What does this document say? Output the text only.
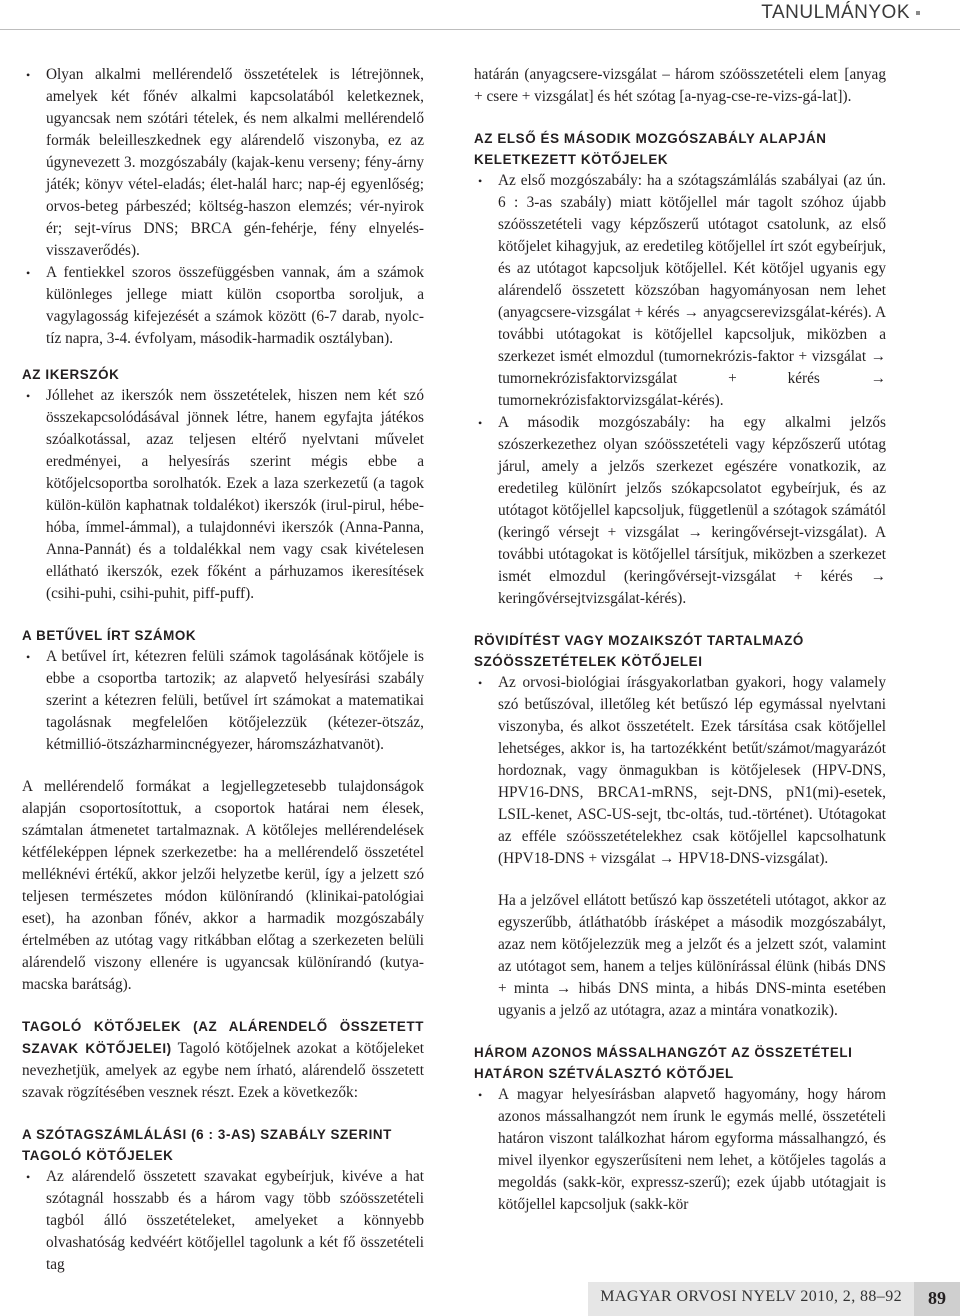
TANULMÁNYOK
• Olyan alkalmi mellérendelő összetételek is létrejönnek, amelyek két főnév alkalmi kapcsolatából keletkeznek, ugyancsak nem szótári tételek, és nem alkalmi mellérendelő formák beleilleszkednek egy alárendelő viszonyba, ez az úgynevezett 3. mozgószabály (kajak-kenu verseny; fény-árny játék; könyv vétel-eladás; élet-halál harc; nap-éj egyenlőség; orvos-beteg párbeszéd; költség-haszon elemzés; vér-nyirok ér; sejt-vírus DNS; BRCA gén-fehérje, fény elnyelés-visszaverődés).
• A fentiekkel szoros összefüggésben vannak, ám a számok különleges jellege miatt külön csoportba soroljuk, a vagylagosság kifejezését a számok között (6-7 darab, nyolc-tíz napra, 3-4. évfolyam, második-harmadik osztályban).
AZ IKERSZÓK
• Jóllehet az ikerszók nem összetételek, hiszen nem két szó összekapcsolódásával jönnek létre, hanem egyfajta játékos szóalkotással, azaz teljesen eltérő nyelvtani művelet eredményei, a helyesírás szerint mégis ebbe a kötőjelcsoportba sorolhatók. Ezek a laza szerkezetű (a tagok külön-külön kaphatnak toldalékot) ikerszók (irul-pirul, hébe-hóba, ímmel-ámmal), a tulajdonnévi ikerszók (Anna-Panna, Anna-Pannát) és a toldalékkal nem vagy csak kivételesen ellátható ikerszók, ezek főként a párhuzamos ikeresítések (csihi-puhi, csihi-puhit, piff-puff).
A BETŰVEL ÍRT SZÁMOK
• A betűvel írt, kétezren felüli számok tagolásának kötőjele is ebbe a csoportba tartozik; az alapvető helyesírási szabály szerint a kétezren felüli, betűvel írt számokat a matematikai tagolásnak megfelelően kötőjelezzük (kétezer-ötszáz, kétmillió-ötszázharmincnégyezer, háromszázhatvanöt).

A mellérendelő formákat a legjellegzetesebb tulajdonságok alapján csoportosítottuk, a csoportok határai nem élesek, számtalan átmenetet tartalmaznak. A kötőlejes mellérendelések kétféleképpen lépnek szerkezetbe: ha a mellérendelő összetétel melléknévi értékű, akkor jelzői helyzetbe kerül, így a jelzett szó teljesen természetes módon különírandó (klinikai-patológiai eset), ha azonban főnév, akkor a harmadik mozgószabály értelmében az utótag vagy ritkábban előtag a szerkezeten belüli alárendelő viszony ellenére is ugyancsak különírandó (kutya-macska barátság).

TAGOLÓ KÖTŐJELEK (AZ ALÁRENDELŐ ÖSSZETETT SZAVAK KÖTŐJELEI) Tagoló kötőjelnek azokat a kötőjeleket nevezhetjük, amelyek az egybe nem írható, alárendelő összetett szavak rögzítésében vesznek részt. Ezek a következők:

A SZÓTAGSZÁMLÁLÁSI (6 : 3-AS) SZABÁLY SZERINT TAGOLÓ KÖTŐJELEK
• Az alárendelő összetett szavakat egybeírjuk, kivéve a hat szótagnál hosszabb és a három vagy több szóösszetételi tagból álló összetételeket, amelyeket a könnyebb olvashatóság kedvéért kötőjellel tagolunk a két fő összetételi tag

határán (anyagcsere-vizsgálat – három szóösszetételi elem [anyag + csere + vizsgálat] és hét szótag [a-nyag-cse-re-vizs-gá-lat]).

AZ ELSŐ ÉS MÁSODIK MOZGÓSZABÁLY ALAPJÁN KELETKEZETT KÖTŐJELEK
• Az első mozgószabály: ha a szótagszámlálás szabályai (az ún. 6 : 3-as szabály) miatt kötőjellel már tagolt szóhoz újabb szóösszetételi vagy képzőszerű utótagot csatolunk, az első kötőjelet kihagyjuk, az eredetileg kötőjellel írt szót egybeírjuk, és az utótagot kapcsoljuk kötőjellel. Két kötőjel ugyanis egy alárendelő összetett közszóban hagyományosan nem lehet (anyagcsere-vizsgálat + kérés → anyagcserevizsgálat-kérés). A további utótagokat is kötőjellel kapcsoljuk, miközben a szerkezet ismét elmozdul (tumornekrózis-faktor + vizsgálat → tumornekrózisfaktorvizsgálat + kérés → tumornekrózisfaktorvizsgálat-kérés).
• A második mozgószabály: ha egy alkalmi jelzős szószerkezethez olyan szóösszetételi vagy képzőszerű utótag járul, amely a jelzős szerkezet egészére vonatkozik, az eredetileg különírt jelzős szókapcsolatot egybeírjuk, és az utótagot kötőjellel kapcsoljuk, függetlenül a szótagok számától (keringő vérsejt + vizsgálat → keringővérsejt-vizsgálat). A további utótagokat is kötőjellel társítjuk, miközben a szerkezet ismét elmozdul (keringővérsejt-vizsgálat + kérés → keringővérsejtvizsgálat-kérés).
RÖVIDÍTÉST VAGY MOZAIKSZÓT TARTALMAZÓ SZÓÖSSZETÉTELEK KÖTŐJELEI
• Az orvosi-biológiai írásgyakorlatban gyakori, hogy valamely szó betűszóval, illetőleg két betűszó lép egymással nyelvtani viszonyba, és alkot összetételt. Ezek társítása csak kötőjellel lehetséges, akkor is, ha tartozékként betűt/számot/magyarázót hordoznak, vagy önmagukban is kötőjelesek (HPV-DNS, HPV16-DNS, BRCA1-mRNS, sejt-DNS, pN1(mi)-esetek, LSIL-kenet, ASC-US-sejt, tbc-oltás, tud.-történet). Utótagokat az efféle szóösszetételekhez csak kötőjellel kapcsolhatunk (HPV18-DNS + vizsgálat → HPV18-DNS-vizsgálat).

Ha a jelzővel ellátott betűszó kap összetételi utótagot, akkor az egyszerűbb, átláthatóbb írásképet a második mozgószabályt, azaz nem kötőjelezzük meg a jelzőt és a jelzett szót, valamint az utótagot sem, hanem a teljes különírással élünk (hibás DNS + minta → hibás DNS minta, a hibás DNS-minta esetében ugyanis a jelző az utótagra, azaz a mintára vonatkozik).

HÁROM AZONOS MÁSSALHANGZÓT AZ ÖSSZETÉTELI HATÁRON SZÉTVÁLASZTÓ KÖTŐJEL
• A magyar helyesírásban alapvető hagyomány, hogy három azonos mássalhangzót nem írunk le egymás mellé, összetételi határon viszont találkozhat három egyforma mássalhangzó, és mivel ilyenkor egyszerűsíteni nem lehet, a kötőjeles tagolás a megoldás (sakk-kör, expressz-szerű); ezek újabb utótagjait is kötőjellel kapcsoljuk (sakk-kör
MAGYAR ORVOSI NYELV 2010, 2, 88–92	89
